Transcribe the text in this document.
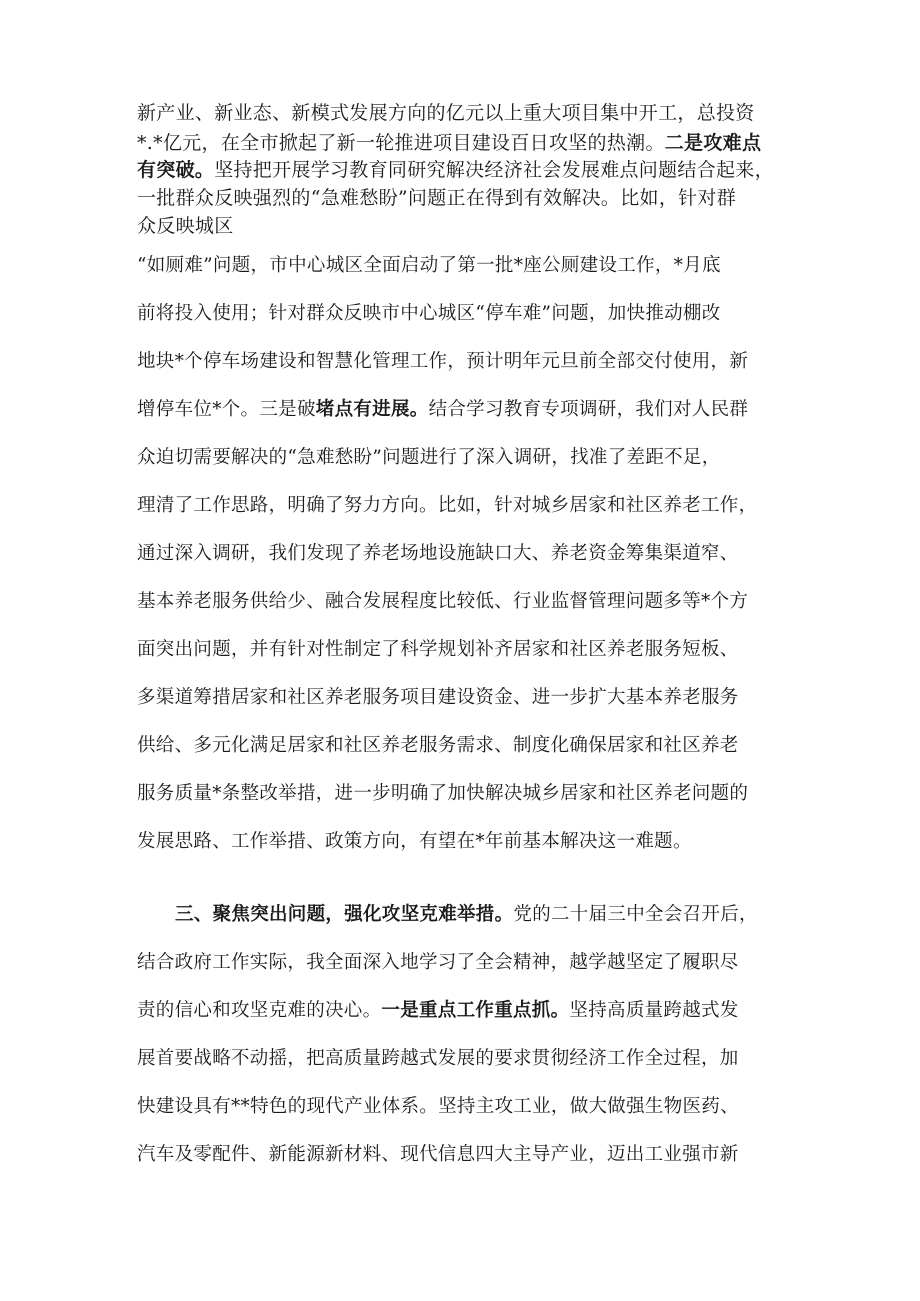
新产业、新业态、新模式发展方向的亿元以上重大项目集中开工，总投资
*.*亿元，在全市掀起了新一轮推进项目建设百日攻坚的热潮。二是攻难点
有突破。坚持把开展学习教育同研究解决经济社会发展难点问题结合起来，
一批群众反映强烈的“急难愁盼”问题正在得到有效解决。比如，针对群
众反映城区
“如厕难”问题，市中心城区全面启动了第一批*座公厕建设工作，*月底
前将投入使用；针对群众反映市中心城区“停车难”问题，加快推动棚改
地块*个停车场建设和智慧化管理工作，预计明年元旦前全部交付使用，新
增停车位*个。三是破堵点有进展。结合学习教育专项调研，我们对人民群
众迫切需要解决的“急难愁盼”问题进行了深入调研，找准了差距不足，
理清了工作思路，明确了努力方向。比如，针对城乡居家和社区养老工作，
通过深入调研，我们发现了养老场地设施缺口大、养老资金筹集渠道窄、
基本养老服务供给少、融合发展程度比较低、行业监督管理问题多等*个方
面突出问题，并有针对性制定了科学规划补齐居家和社区养老服务短板、
多渠道筹措居家和社区养老服务项目建设资金、进一步扩大基本养老服务
供给、多元化满足居家和社区养老服务需求、制度化确保居家和社区养老
服务质量*条整改举措，进一步明确了加快解决城乡居家和社区养老问题的
发展思路、工作举措、政策方向，有望在*年前基本解决这一难题。
三、聚焦突出问题，强化攻坚克难举措。党的二十届三中全会召开后，
结合政府工作实际，我全面深入地学习了全会精神，越学越坚定了履职尽
责的信心和攻坚克难的决心。一是重点工作重点抓。坚持高质量跨越式发
展首要战略不动摇，把高质量跨越式发展的要求贯彻经济工作全过程，加
快建设具有**特色的现代产业体系。坚持主攻工业，做大做强生物医药、
汽车及零配件、新能源新材料、现代信息四大主导产业，迈出工业强市新
